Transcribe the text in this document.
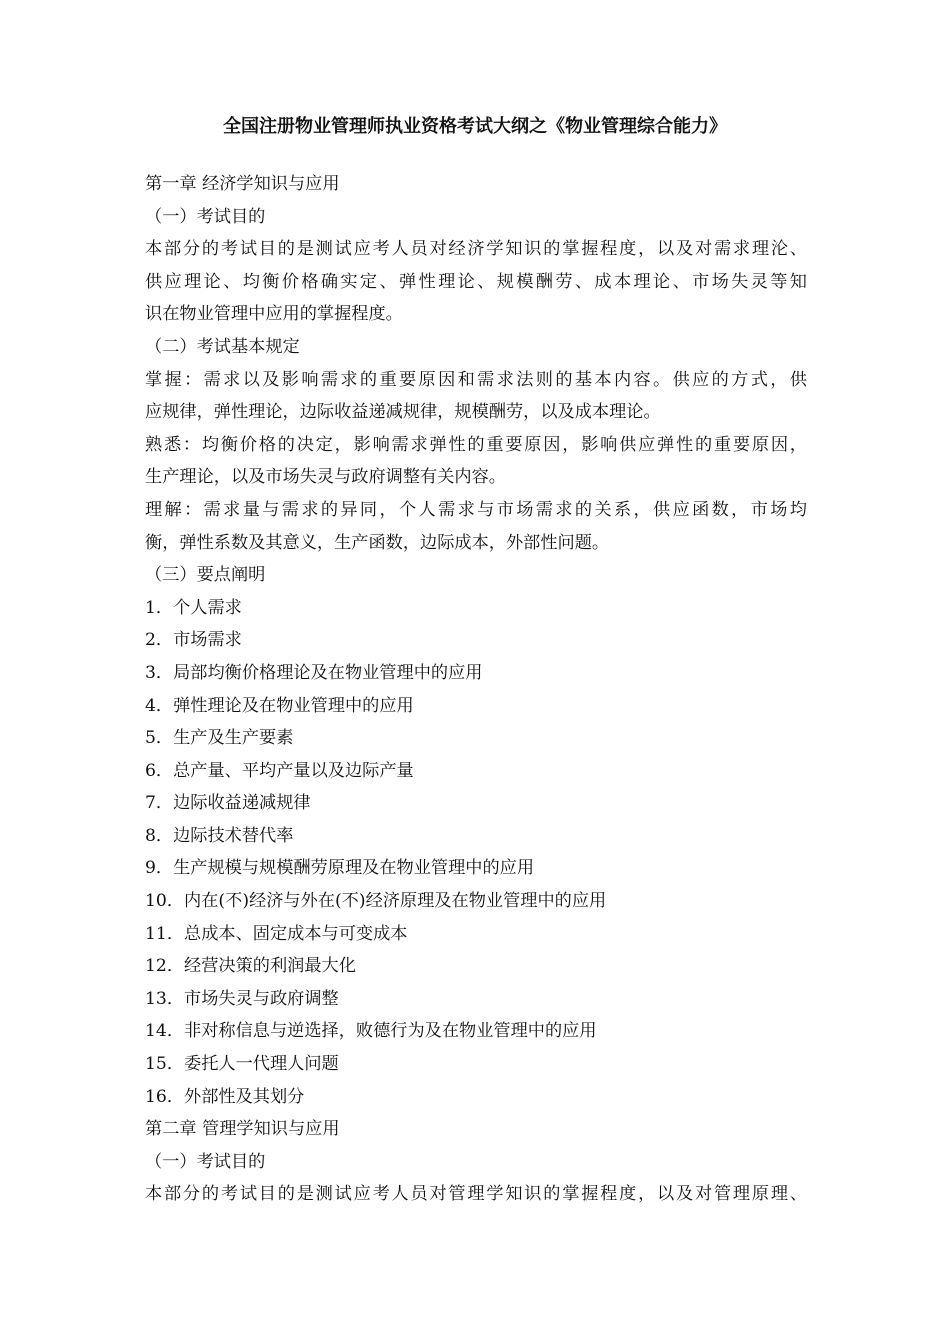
全国注册物业管理师执业资格考试大纲之《物业管理综合能力》
第一章 经济学知识与应用
（一）考试目的
本部分的考试目的是测试应考人员对经济学知识的掌握程度，以及对需求理沦、
供应理论、均衡价格确实定、弹性理论、规模酬劳、成本理论、市场失灵等知
识在物业管理中应用的掌握程度。
（二）考试基本规定
掌握：需求以及影响需求的重要原因和需求法则的基本内容。供应的方式，供
应规律，弹性理论，边际收益递减规律，规模酬劳，以及成本理论。
熟悉：均衡价格的决定，影响需求弹性的重要原因，影响供应弹性的重要原因，
生产理论，以及市场失灵与政府调整有关内容。
理解：需求量与需求的异同，个人需求与市场需求的关系，供应函数，市场均
衡，弹性系数及其意义，生产函数，边际成本，外部性问题。
（三）要点阐明
1．个人需求
2．市场需求
3．局部均衡价格理论及在物业管理中的应用
4．弹性理论及在物业管理中的应用
5．生产及生产要素
6．总产量、平均产量以及边际产量
7．边际收益递减规律
8．边际技术替代率
9．生产规模与规模酬劳原理及在物业管理中的应用
10．内在(不)经济与外在(不)经济原理及在物业管理中的应用
11．总成本、固定成本与可变成本
12．经营决策的利润最大化
13．市场失灵与政府调整
14．非对称信息与逆选择，败德行为及在物业管理中的应用
15．委托人一代理人问题
16．外部性及其划分
第二章 管理学知识与应用
（一）考试目的
本部分的考试目的是测试应考人员对管理学知识的掌握程度，以及对管理原理、
